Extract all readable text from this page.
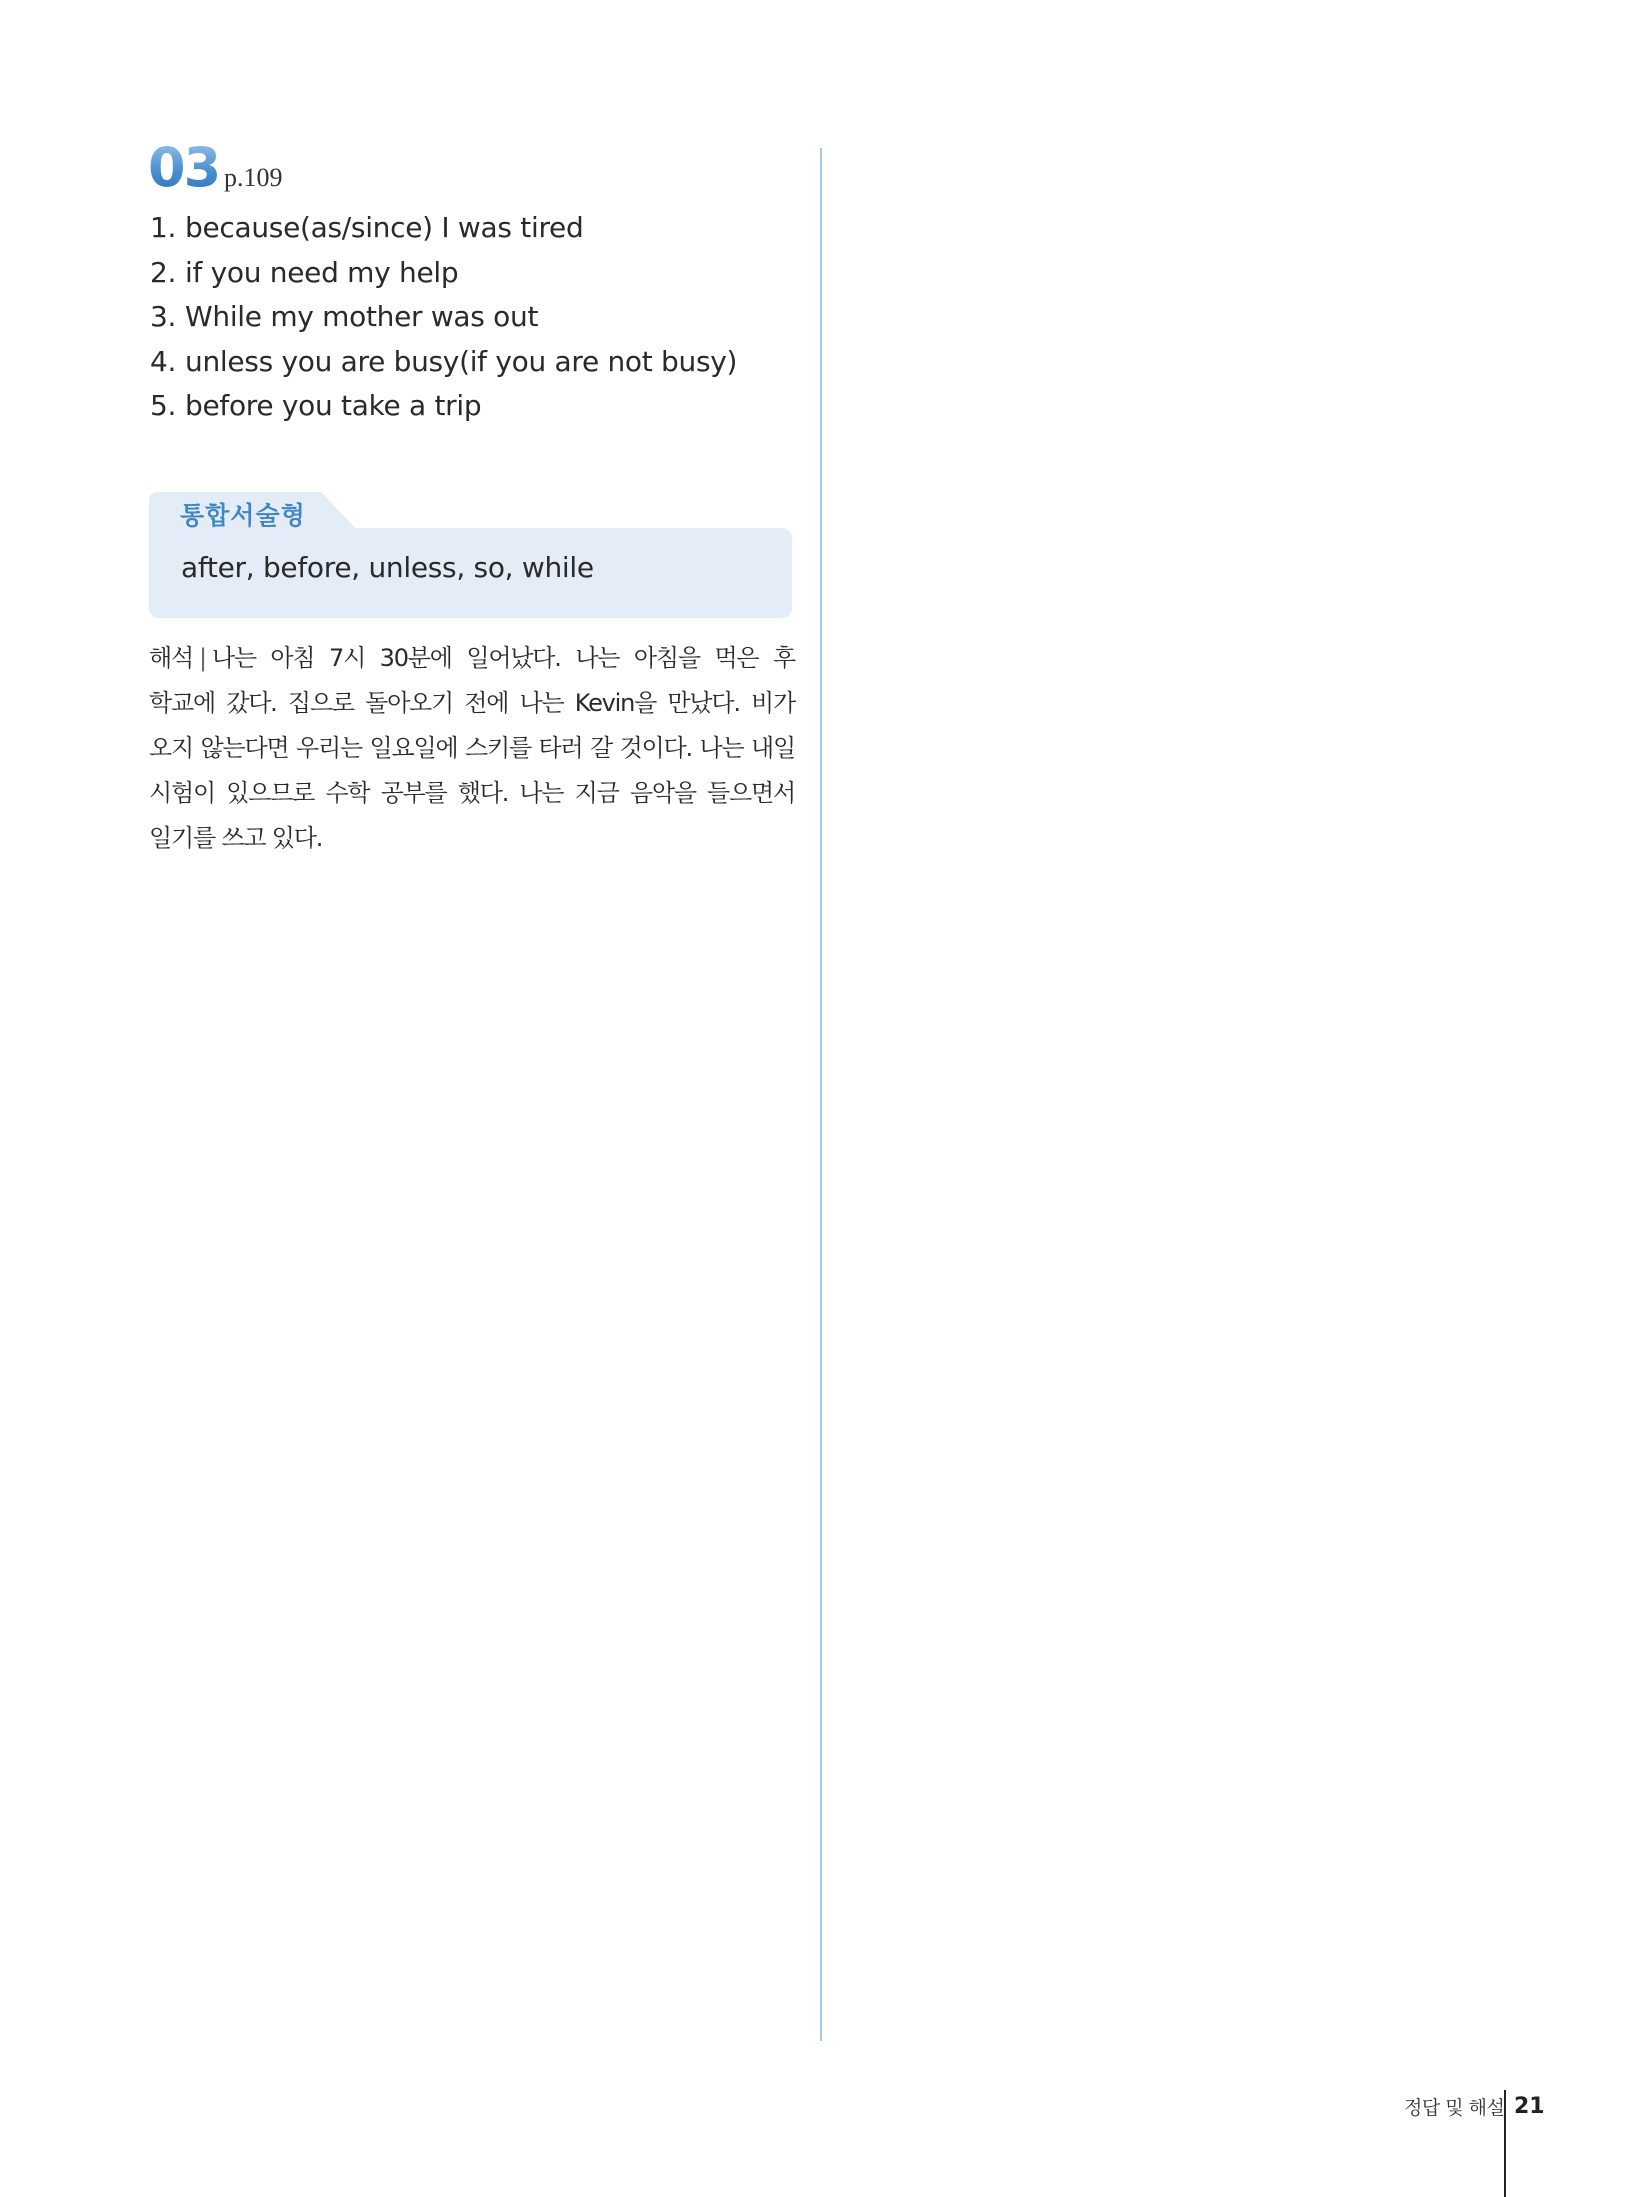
03 p.109
1. because(as/since) I was tired
2. if you need my help
3. While my mother was out
4. unless you are busy(if you are not busy)
5. before you take a trip
통합서술형
after, before, unless, so, while
해석 | 나는 아침 7시 30분에 일어났다. 나는 아침을 먹은 후 학교에 갔다. 집으로 돌아오기 전에 나는 Kevin을 만났다. 비가 오지 않는다면 우리는 일요일에 스키를 타러 갈 것이다. 나는 내일 시험이 있으므로 수학 공부를 했다. 나는 지금 음악을 들으면서 일기를 쓰고 있다.
정답 및 해설 21
